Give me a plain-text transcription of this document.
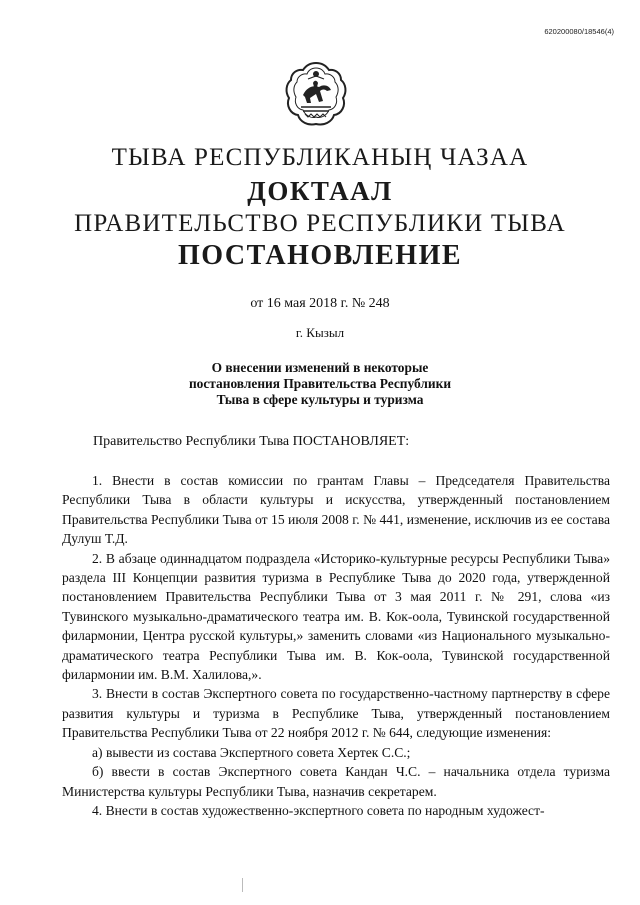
620200080/18546(4)
ТЫВА РЕСПУБЛИКАНЫҢ ЧАЗАА
ДОКТААЛ
ПРАВИТЕЛЬСТВО РЕСПУБЛИКИ ТЫВА
ПОСТАНОВЛЕНИЕ
от 16 мая 2018 г. № 248
г. Кызыл
О внесении изменений в некоторые
постановления Правительства Республики
Тыва в сфере культуры и туризма
Правительство Республики Тыва ПОСТАНОВЛЯЕТ:

1. Внести в состав комиссии по грантам Главы – Председателя Правительства Республики Тыва в области культуры и искусства, утвержденный постановлением Правительства Республики Тыва от 15 июля 2008 г. № 441, изменение, исключив из ее состава Дулуш Т.Д.

2. В абзаце одиннадцатом подраздела «Историко-культурные ресурсы Республики Тыва» раздела III Концепции развития туризма в Республике Тыва до 2020 года, утвержденной постановлением Правительства Республики Тыва от 3 мая 2011 г. № 291, слова «из Тувинского музыкально-драматического театра им. В. Кок-оола, Тувинской государственной филармонии, Центра русской культуры,» заменить словами «из Национального музыкально-драматического театра Республики Тыва им. В. Кок-оола, Тувинской государственной филармонии им. В.М. Халилова,».

3. Внести в состав Экспертного совета по государственно-частному партнерству в сфере развития культуры и туризма в Республике Тыва, утвержденный постановлением Правительства Республики Тыва от 22 ноября 2012 г. № 644, следующие изменения:

а) вывести из состава Экспертного совета Хертек С.С.;

б) ввести в состав Экспертного совета Кандан Ч.С. – начальника отдела туризма Министерства культуры Республики Тыва, назначив секретарем.

4. Внести в состав художественно-экспертного совета по народным художест-
